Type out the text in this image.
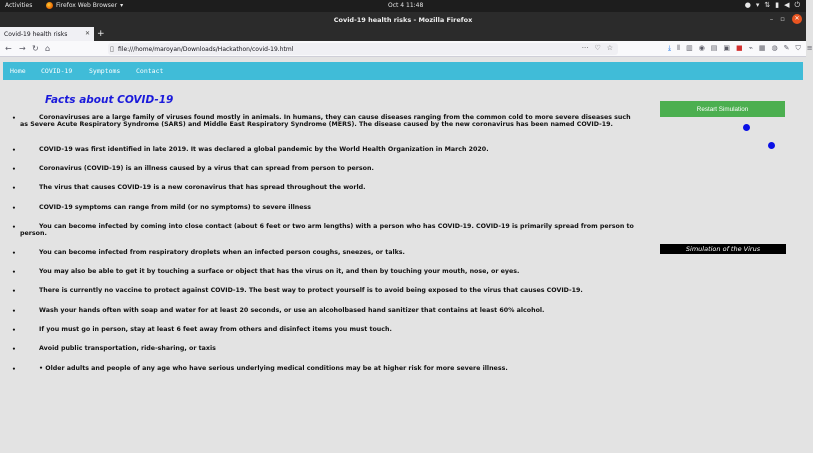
Activities	Firefox Web Browser ▾	Oct 4 11:48	● ▾ ⇅ ▮ ◀ ⏻
Covid-19 health risks - Mozilla Firefox	– ▫	✕
Covid-19 health risks	✕ +
← → ↻ ⌂	▯ file:///home/maroyan/Downloads/Hackathon/covid-19.html	··· ♡ ☆	⤓ ⫴ ▥ ◉ ▤ ▣ ■ ⌁ ▦ ◍ ✎ ⛉ ≡
Home COVID-19	Symptoms Contact
Facts about COVID-19
•	Coronaviruses are a large family of viruses found mostly in animals. In humans, they can cause diseases ranging from the common cold to more severe diseases such as Severe Acute Respiratory Syndrome (SARS) and Middle East Respiratory Syndrome (MERS). The disease caused by the new coronavirus has been named COVID-19.
•	COVID-19 was first identified in late 2019. It was declared a global pandemic by the World Health Organization in March 2020.
•	Coronavirus (COVID-19) is an illness caused by a virus that can spread from person to person.
•	The virus that causes COVID-19 is a new coronavirus that has spread throughout the world.
•	COVID-19 symptoms can range from mild (or no symptoms) to severe illness
•	You can become infected by coming into close contact (about 6 feet or two arm lengths) with a person who has COVID-19. COVID-19 is primarily spread from person to person.
•	You can become infected from respiratory droplets when an infected person coughs, sneezes, or talks.
•	You may also be able to get it by touching a surface or object that has the virus on it, and then by touching your mouth, nose, or eyes.
•	There is currently no vaccine to protect against COVID-19. The best way to protect yourself is to avoid being exposed to the virus that causes COVID-19.
•	Wash your hands often with soap and water for at least 20 seconds, or use an alcoholbased hand sanitizer that contains at least 60% alcohol.
•	If you must go in person, stay at least 6 feet away from others and disinfect items you must touch.
•	Avoid public transportation, ride-sharing, or taxis
•	• Older adults and people of any age who have serious underlying medical conditions may be at higher risk for more severe illness.
Restart Simulation
Simulation of the Virus
